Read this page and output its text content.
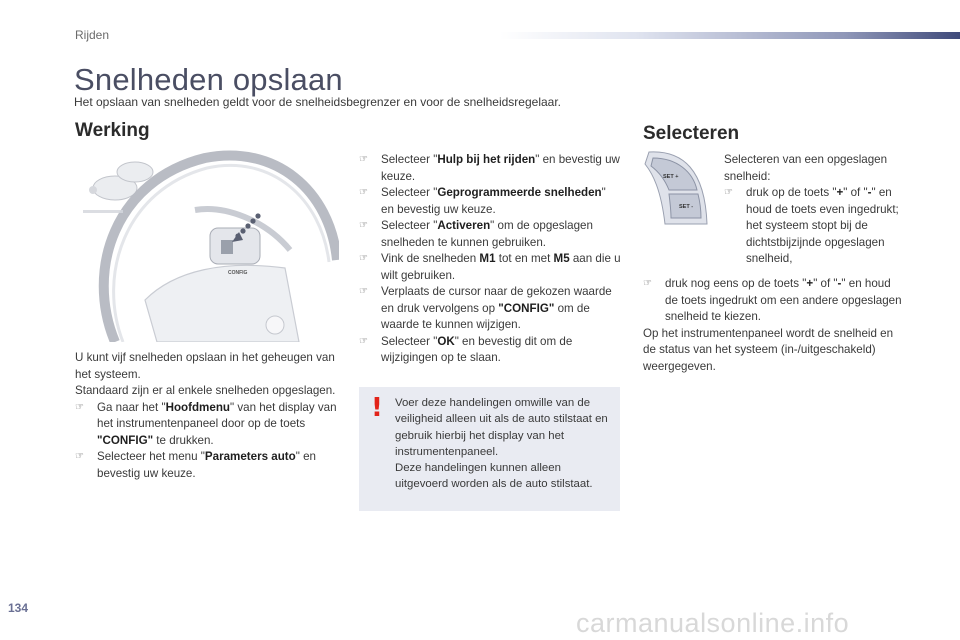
Rijden
Snelheden opslaan
Het opslaan van snelheden geldt voor de snelheidsbegrenzer en voor de snelheidsregelaar.
Werking
CONFIG

U kunt vijf snelheden opslaan in het geheugen van het systeem.

Standaard zijn er al enkele snelheden opgeslagen.

☞ Ga naar het "Hoofdmenu" van het display van het instrumentenpaneel door op de toets "CONFIG" te drukken.

☞ Selecteer het menu "Parameters auto" en bevestig uw keuze.

☞ Selecteer "Hulp bij het rijden" en bevestig uw keuze.

☞ Selecteer "Geprogrammeerde snelheden" en bevestig uw keuze.

☞ Selecteer "Activeren" om de opgeslagen snelheden te kunnen gebruiken.

☞ Vink de snelheden M1 tot en met M5 aan die u wilt gebruiken.

☞ Verplaats de cursor naar de gekozen waarde en druk vervolgens op "CONFIG" om de waarde te kunnen wijzigen.

☞ Selecteer "OK" en bevestig dit om de wijzigingen op te slaan.

! Voer deze handelingen omwille van de veiligheid alleen uit als de auto stilstaat en gebruik hierbij het display van het instrumentenpaneel.
Deze handelingen kunnen alleen uitgevoerd worden als de auto stilstaat.
Selecteren
SET +
SET -

Selecteren van een opgeslagen snelheid:

☞ druk op de toets "+" of "-" en houd de toets even ingedrukt; het systeem stopt bij de dichtstbijzijnde opgeslagen snelheid,

☞ druk nog eens op de toets "+" of "-" en houd de toets ingedrukt om een andere opgeslagen snelheid te kiezen.

Op het instrumentenpaneel wordt de snelheid en de status van het systeem (in-/uitgeschakeld) weergegeven.

134	carmanualsonline.info
